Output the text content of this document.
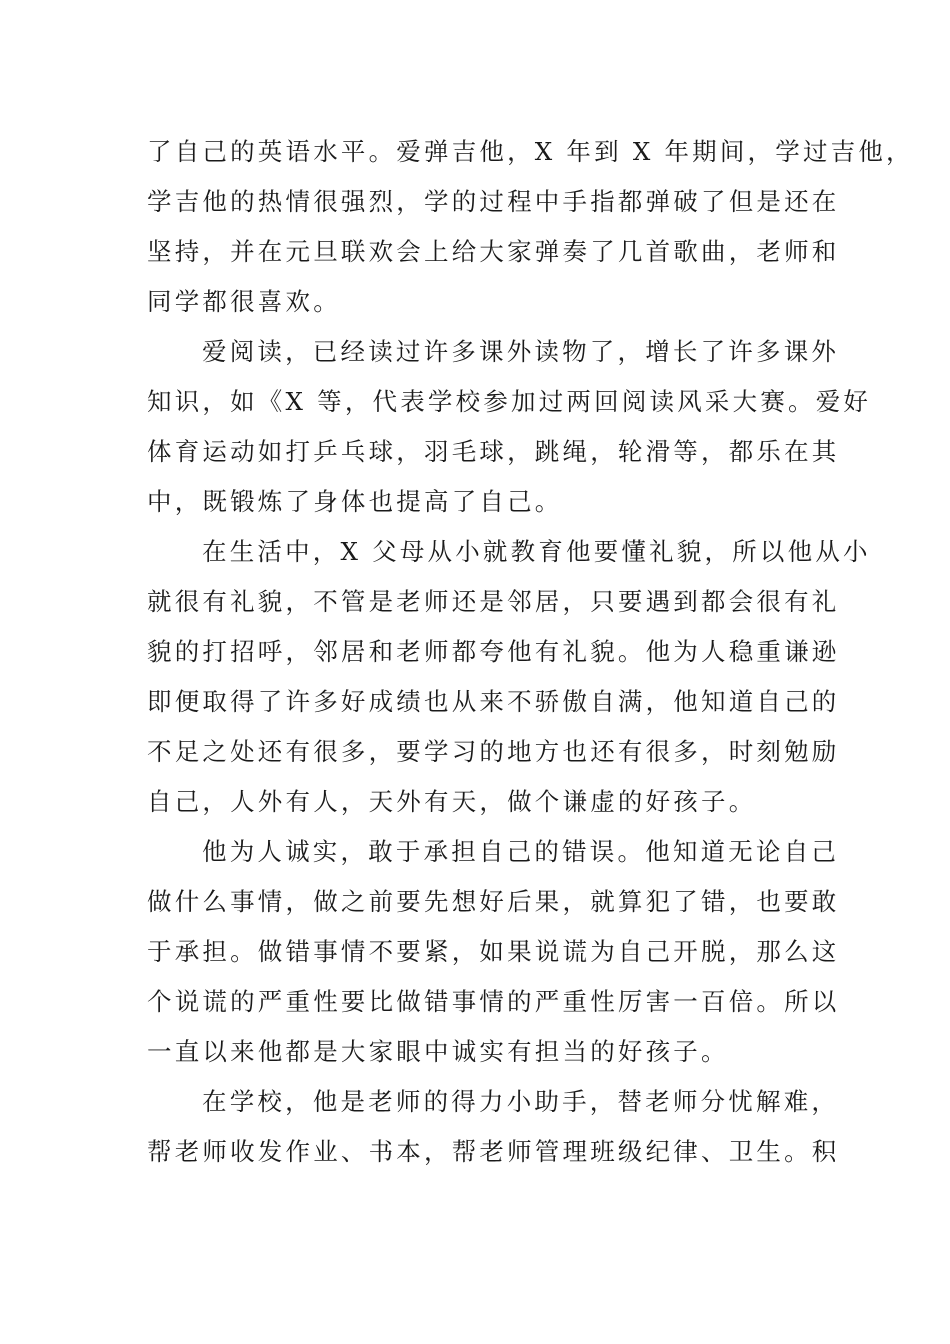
了自己的英语水平。爱弹吉他，X 年到 X 年期间，学过吉他，
学吉他的热情很强烈，学的过程中手指都弹破了但是还在
坚持，并在元旦联欢会上给大家弹奏了几首歌曲，老师和
同学都很喜欢。

爱阅读，已经读过许多课外读物了，增长了许多课外
知识，如《X 等，代表学校参加过两回阅读风采大赛。爱好
体育运动如打乒乓球，羽毛球，跳绳，轮滑等，都乐在其
中，既锻炼了身体也提高了自己。

在生活中，X 父母从小就教育他要懂礼貌，所以他从小
就很有礼貌，不管是老师还是邻居，只要遇到都会很有礼
貌的打招呼，邻居和老师都夸他有礼貌。他为人稳重谦逊
即便取得了许多好成绩也从来不骄傲自满，他知道自己的
不足之处还有很多，要学习的地方也还有很多，时刻勉励
自己，人外有人，天外有天，做个谦虚的好孩子。

他为人诚实，敢于承担自己的错误。他知道无论自己
做什么事情，做之前要先想好后果，就算犯了错，也要敢
于承担。做错事情不要紧，如果说谎为自己开脱，那么这
个说谎的严重性要比做错事情的严重性厉害一百倍。所以
一直以来他都是大家眼中诚实有担当的好孩子。

在学校，他是老师的得力小助手，替老师分忧解难，
帮老师收发作业、书本，帮老师管理班级纪律、卫生。积
